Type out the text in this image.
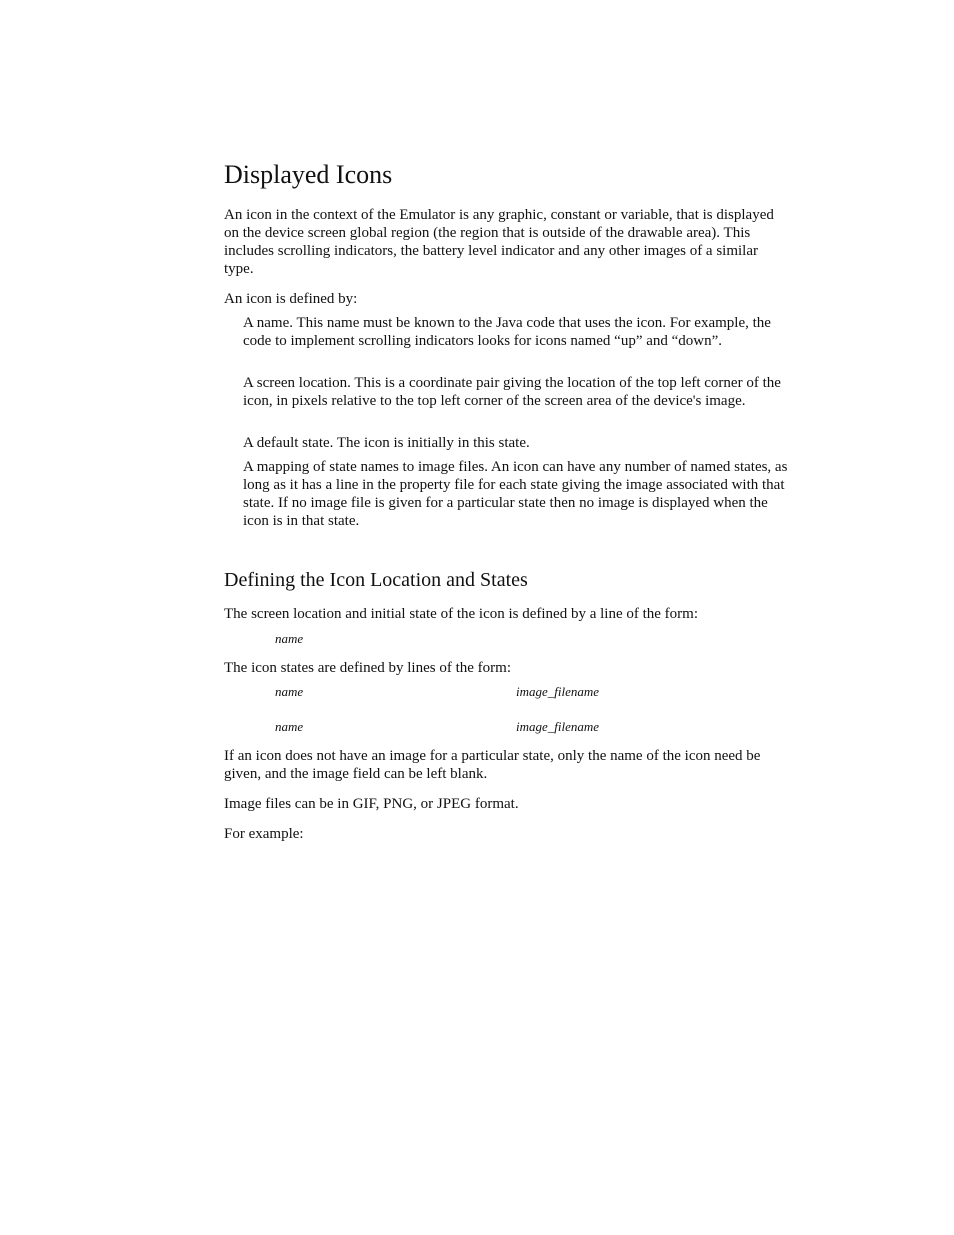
Displayed Icons

An icon in the context of the Emulator is any graphic, constant or variable, that is displayed on the device screen global region (the region that is outside of the drawable area). This includes scrolling indicators, the battery level indicator and any other images of a similar type.

An icon is defined by:

A name. This name must be known to the Java code that uses the icon. For example, the code to implement scrolling indicators looks for icons named “up” and “down”.

A screen location. This is a coordinate pair giving the location of the top left corner of the icon, in pixels relative to the top left corner of the screen area of the device's image.

A default state. The icon is initially in this state.

A mapping of state names to image files. An icon can have any number of named states, as long as it has a line in the property file for each state giving the image associated with that state. If no image file is given for a particular state then no image is displayed when the icon is in that state.

Defining the Icon Location and States

The screen location and initial state of the icon is defined by a line of the form:

name

The icon states are defined by lines of the form:

name	image_filename
name	image_filename

If an icon does not have an image for a particular state, only the name of the icon need be given, and the image field can be left blank.

Image files can be in GIF, PNG, or JPEG format.

For example:
